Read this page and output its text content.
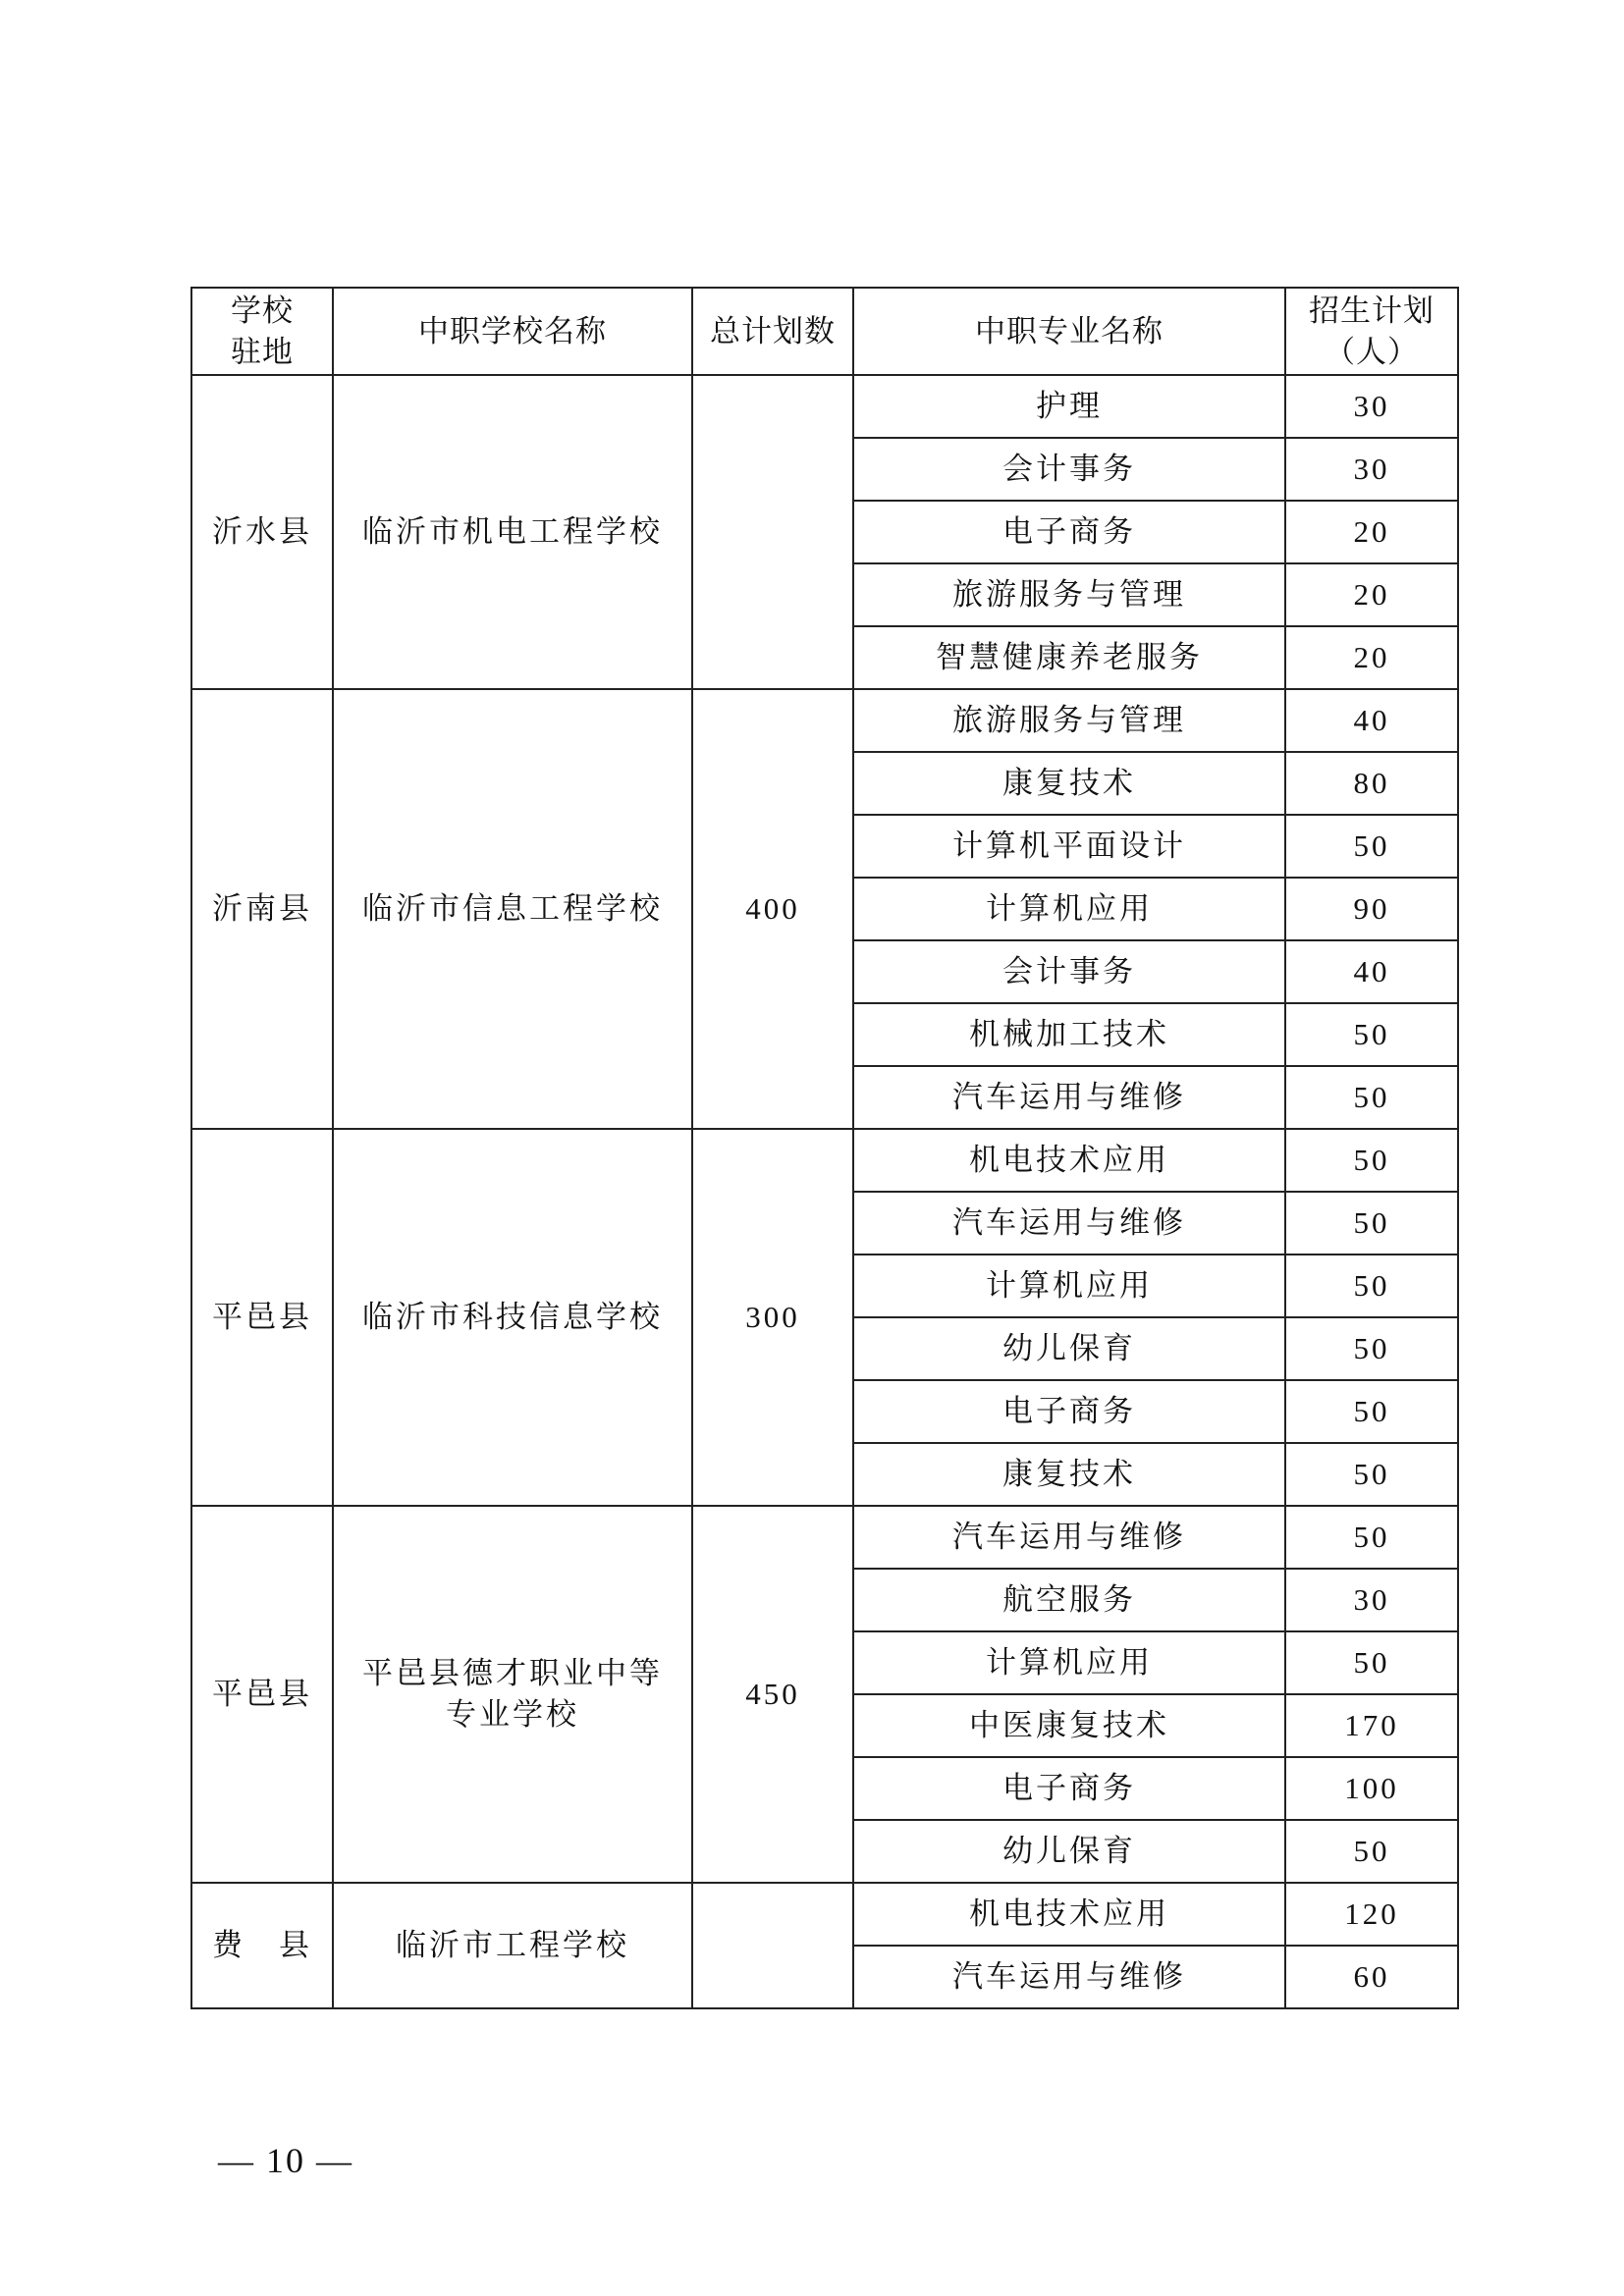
学校
驻地	中职学校名称	总计划数	中职专业名称	招生计划
（人）
沂水县	临沂市机电工程学校		护理	30
			会计事务	30
			电子商务	20
			旅游服务与管理	20
			智慧健康养老服务	20
沂南县	临沂市信息工程学校	400	旅游服务与管理	40
			康复技术	80
			计算机平面设计	50
			计算机应用	90
			会计事务	40
			机械加工技术	50
			汽车运用与维修	50
平邑县	临沂市科技信息学校	300	机电技术应用	50
			汽车运用与维修	50
			计算机应用	50
			幼儿保育	50
			电子商务	50
			康复技术	50
平邑县	平邑县德才职业中等专业学校	450	汽车运用与维修	50
			航空服务	30
			计算机应用	50
			中医康复技术	170
			电子商务	100
			幼儿保育	50
费　县	临沂市工程学校		机电技术应用	120
			汽车运用与维修	60
— 10 —
